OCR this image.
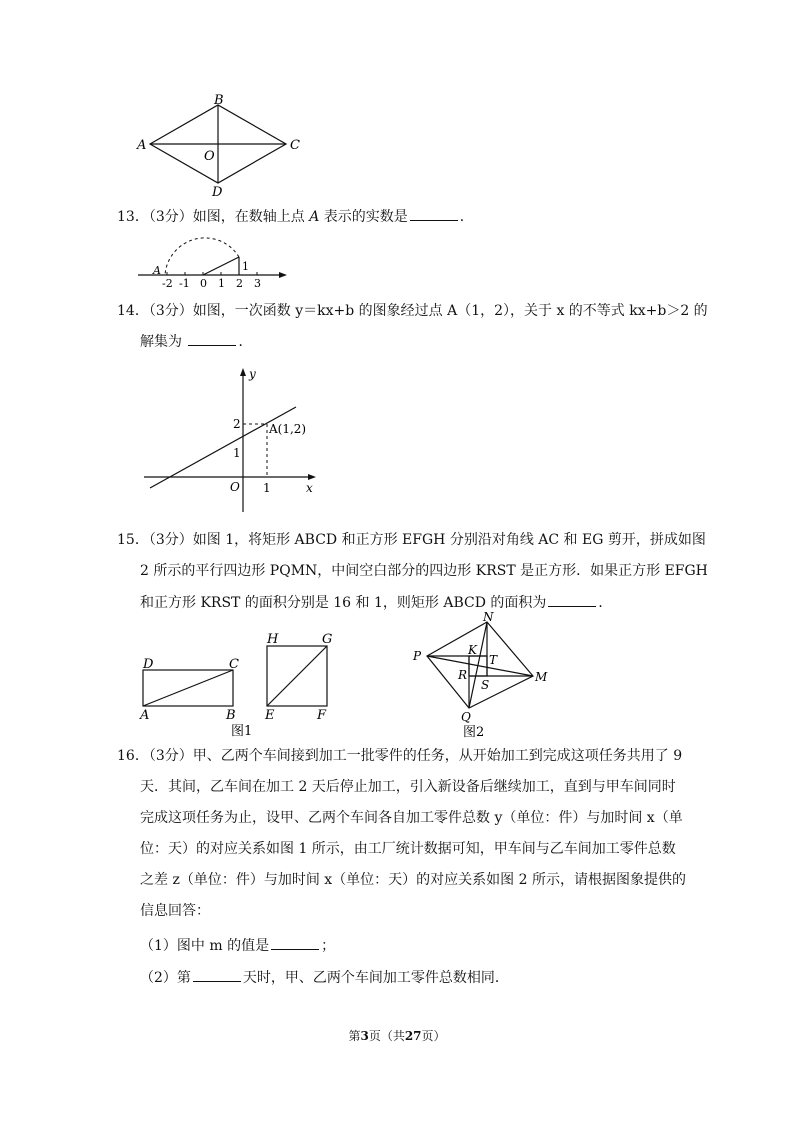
A
B
C
D
O
13．（3分）如图，在数轴上点 A 表示的实数是	．
A	1
-2 -1 0 1 2 3
14．（3分）如图，一次函数 y＝kx+b 的图象经过点 A（1，2），关于 x 的不等式 kx+b＞2 的
解集为	．
y
x
O 1
1
2 A(1,2)
15．（3分）如图 1，将矩形 ABCD 和正方形 EFGH 分别沿对角线 AC 和 EG 剪开，拼成如图
2 所示的平行四边形 PQMN，中间空白部分的四边形 KRST 是正方形．如果正方形 EFGH
和正方形 KRST 的面积分别是 16 和 1，则矩形 ABCD 的面积为	．
D	C
A	B
H	G
E	F
图1
N
P	K
T
R
S
M
Q
图2
16．（3分）甲、乙两个车间接到加工一批零件的任务，从开始加工到完成这项任务共用了 9
天．其间，乙车间在加工 2 天后停止加工，引入新设备后继续加工，直到与甲车间同时
完成这项任务为止，设甲、乙两个车间各自加工零件总数 y（单位：件）与加时间 x（单
位：天）的对应关系如图 1 所示，由工厂统计数据可知，甲车间与乙车间加工零件总数
之差 z（单位：件）与加时间 x（单位：天）的对应关系如图 2 所示，请根据图象提供的
信息回答：
（1）图中 m 的值是	；
（2）第	天时，甲、乙两个车间加工零件总数相同．
第3页（共27页）
